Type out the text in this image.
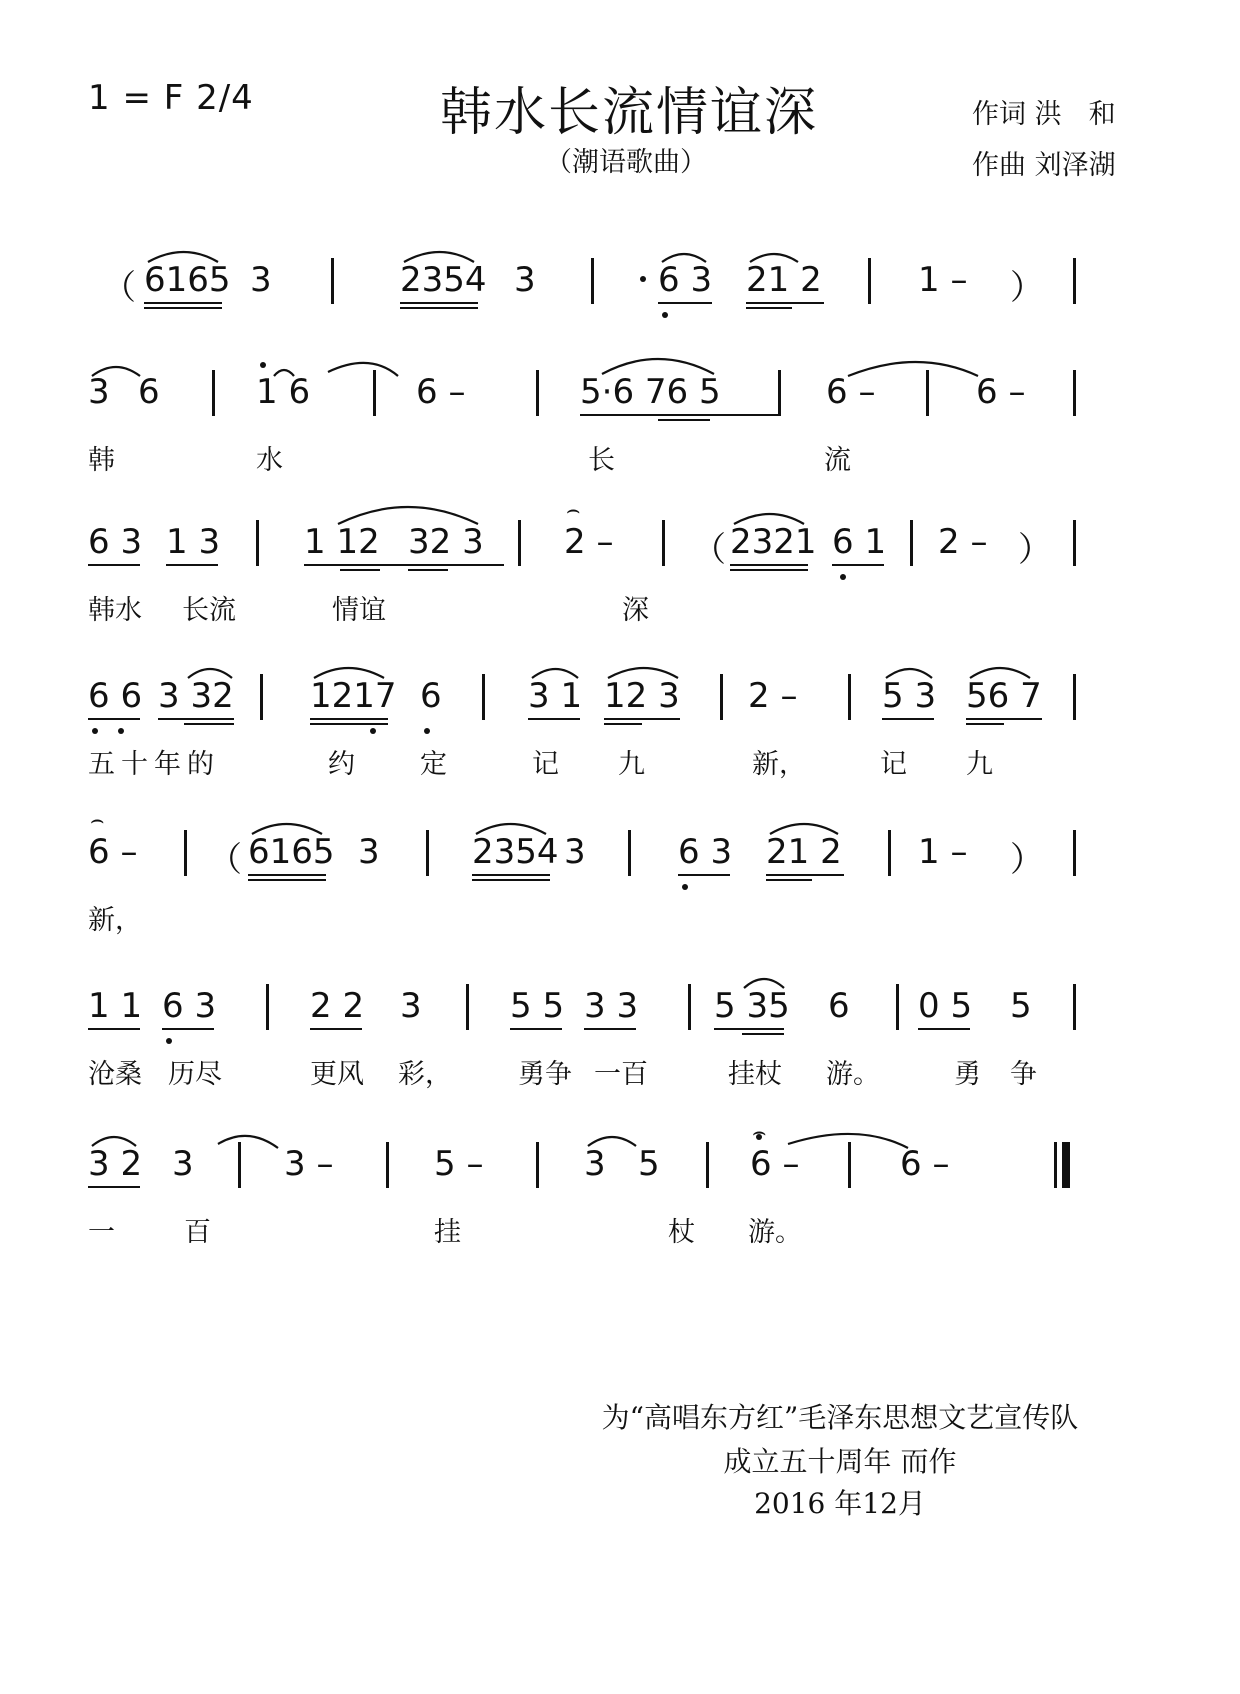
1 = F 2/4	韩水长流情谊深
（潮语歌曲）
作词 洪　和
作曲 刘泽湖
（ 6165 3	2354 3	6 3 21 2	1 – ）
3 6	1 6	6 –	5·6 76 5	6 –	6 –
韩	水	长	流
6 3 1 3 1 12 32 3 2 – （ 2321 6 1 2 – ）
⌢
韩水 长流	情谊	深
6 6 3 32 1217 6	3 1 12 3 2 – 5 3 56 7
五十年的	约 定	记 九	新，	记 九
6 – （ 6165 3	2354 3	6 3 21 2 1 – ）
⌢
新，
1 1 6 3	2 2 3	5 5 3 3 5 35 6 0 5 5
沧桑 历尽	更风 彩， 勇争 一百	挂杖 游。	勇 争
3 2 3	3 –	5 –	3 5	6 –	6 –
⌢
一	百	挂	杖 游。
为“高唱东方红”毛泽东思想文艺宣传队
成立五十周年 而作
2016 年12月
